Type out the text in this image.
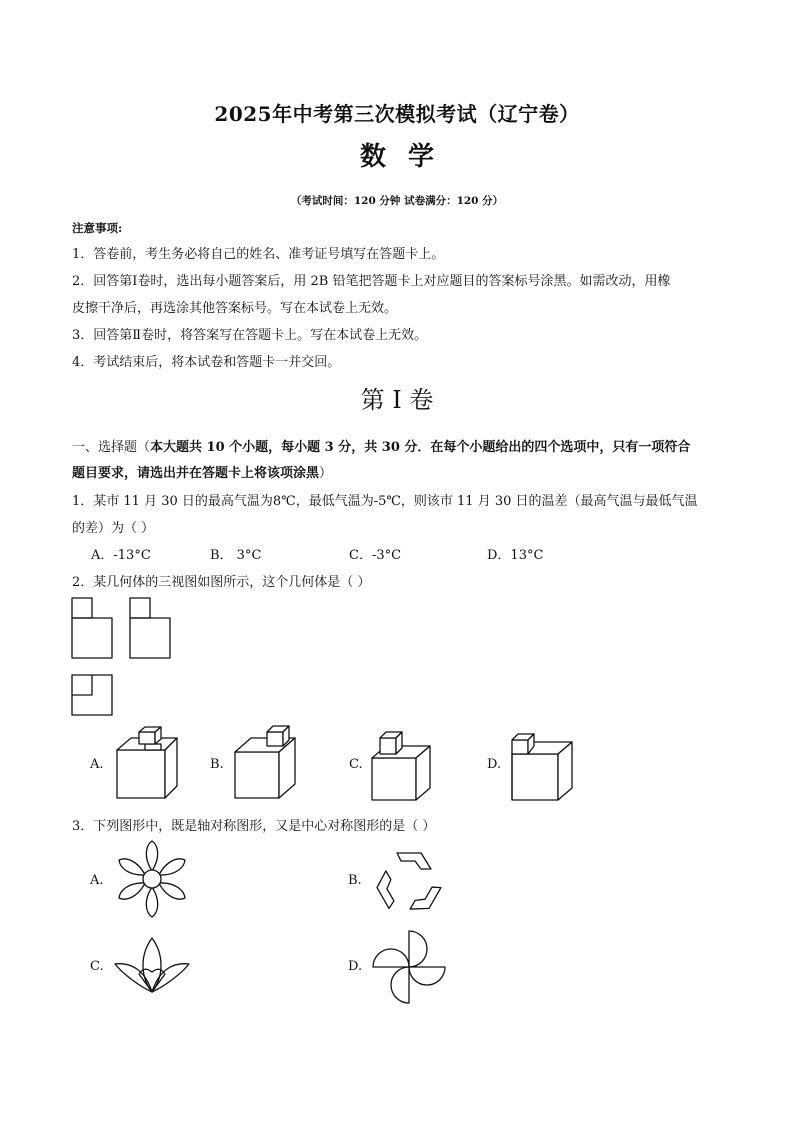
2025年中考第三次模拟考试（辽宁卷）
数学
（考试时间：120 分钟 试卷满分：120 分）
注意事项:
1．答卷前，考生务必将自己的姓名、准考证号填写在答题卡上。
2．回答第Ⅰ卷时，选出每小题答案后，用 2B 铅笔把答题卡上对应题目的答案标号涂黑。如需改动，用橡
皮擦干净后，再选涂其他答案标号。写在本试卷上无效。
3．回答第Ⅱ卷时，将答案写在答题卡上。写在本试卷上无效。
4．考试结束后，将本试卷和答题卡一并交回。
第 I 卷
一、选择题（本大题共 10 个小题，每小题 3 分，共 30 分．在每个小题给出的四个选项中，只有一项符合
题目要求，请选出并在答题卡上将该项涂黑）
1．某市 11 月 30 日的最高气温为8℃，最低气温为-5℃，则该市 11 月 30 日的温差（最高气温与最低气温
的差）为（ ）
A．-13°C	B． 3°C	C．-3°C	D．13°C
2．某几何体的三视图如图所示，这个几何体是（ ）
A.	B.	C.	D.
3．下列图形中，既是轴对称图形，又是中心对称图形的是（ ）
A.	B.
C.	D.
